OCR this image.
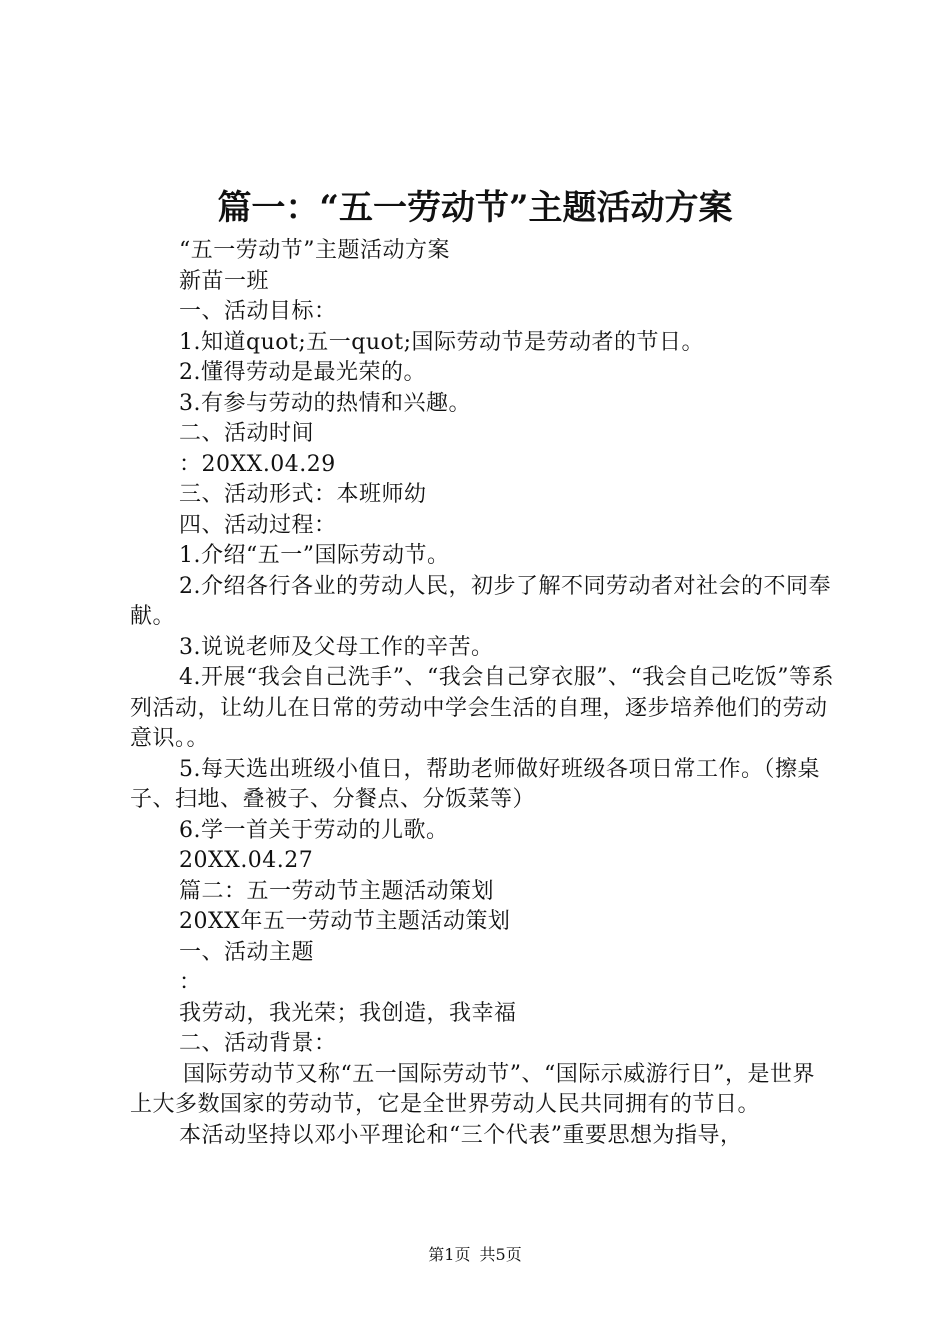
篇一：“五一劳动节”主题活动方案

“五一劳动节”主题活动方案

新苗一班

一、活动目标：

1.知道quot;五一quot;国际劳动节是劳动者的节日。

2.懂得劳动是最光荣的。

3.有参与劳动的热情和兴趣。

二、活动时间

：20XX.04.29

三、活动形式：本班师幼

四、活动过程：

1.介绍“五一”国际劳动节。

2.介绍各行各业的劳动人民，初步了解不同劳动者对社会的不同奉献。

3.说说老师及父母工作的辛苦。

4.开展“我会自己洗手”、“我会自己穿衣服”、“我会自己吃饭”等系列活动，让幼儿在日常的劳动中学会生活的自理，逐步培养他们的劳动意识。。

5.每天选出班级小值日，帮助老师做好班级各项日常工作。（擦桌子、扫地、叠被子、分餐点、分饭菜等）

6.学一首关于劳动的儿歌。

20XX.04.27

篇二：五一劳动节主题活动策划

20XX年五一劳动节主题活动策划

一、活动主题

：

我劳动，我光荣；我创造，我幸福

二、活动背景：

国际劳动节又称“五一国际劳动节”、“国际示威游行日”，是世界上大多数国家的劳动节，它是全世界劳动人民共同拥有的节日。

本活动坚持以邓小平理论和“三个代表”重要思想为指导，

第1页 共5页
